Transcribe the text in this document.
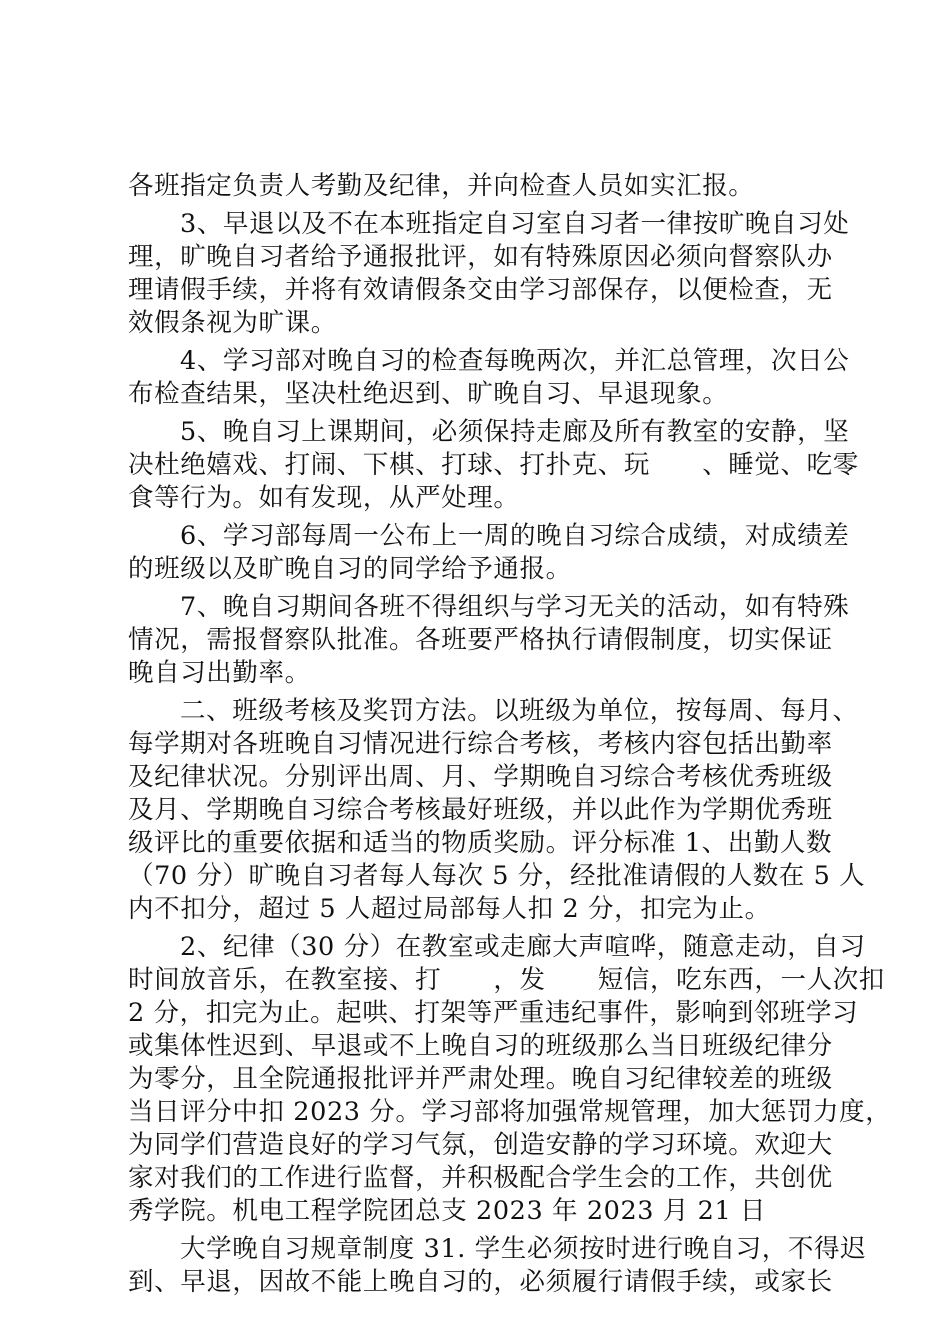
各班指定负责人考勤及纪律，并向检查人员如实汇报。
3、早退以及不在本班指定自习室自习者一律按旷晚自习处
理，旷晚自习者给予通报批评，如有特殊原因必须向督察队办
理请假手续，并将有效请假条交由学习部保存，以便检查，无
效假条视为旷课。
4、学习部对晚自习的检查每晚两次，并汇总管理，次日公
布检查结果，坚决杜绝迟到、旷晚自习、早退现象。
5、晚自习上课期间，必须保持走廊及所有教室的安静，坚
决杜绝嬉戏、打闹、下棋、打球、打扑克、玩　　、睡觉、吃零
食等行为。如有发现，从严处理。
6、学习部每周一公布上一周的晚自习综合成绩，对成绩差
的班级以及旷晚自习的同学给予通报。
7、晚自习期间各班不得组织与学习无关的活动，如有特殊
情况，需报督察队批准。各班要严格执行请假制度，切实保证
晚自习出勤率。
二、班级考核及奖罚方法。以班级为单位，按每周、每月、
每学期对各班晚自习情况进行综合考核，考核内容包括出勤率
及纪律状况。分别评出周、月、学期晚自习综合考核优秀班级
及月、学期晚自习综合考核最好班级，并以此作为学期优秀班
级评比的重要依据和适当的物质奖励。评分标准 1、出勤人数
（70 分）旷晚自习者每人每次 5 分，经批准请假的人数在 5 人
内不扣分，超过 5 人超过局部每人扣 2 分，扣完为止。
2、纪律（30 分）在教室或走廊大声喧哗，随意走动，自习
时间放音乐，在教室接、打　　，发　　短信，吃东西，一人次扣
2 分，扣完为止。起哄、打架等严重违纪事件，影响到邻班学习
或集体性迟到、早退或不上晚自习的班级那么当日班级纪律分
为零分，且全院通报批评并严肃处理。晚自习纪律较差的班级
当日评分中扣 2023 分。学习部将加强常规管理，加大惩罚力度，
为同学们营造良好的学习气氛，创造安静的学习环境。欢迎大
家对我们的工作进行监督，并积极配合学生会的工作，共创优
秀学院。机电工程学院团总支 2023 年 2023 月 21 日
大学晚自习规章制度 31. 学生必须按时进行晚自习，不得迟
到、早退，因故不能上晚自习的，必须履行请假手续，或家长
